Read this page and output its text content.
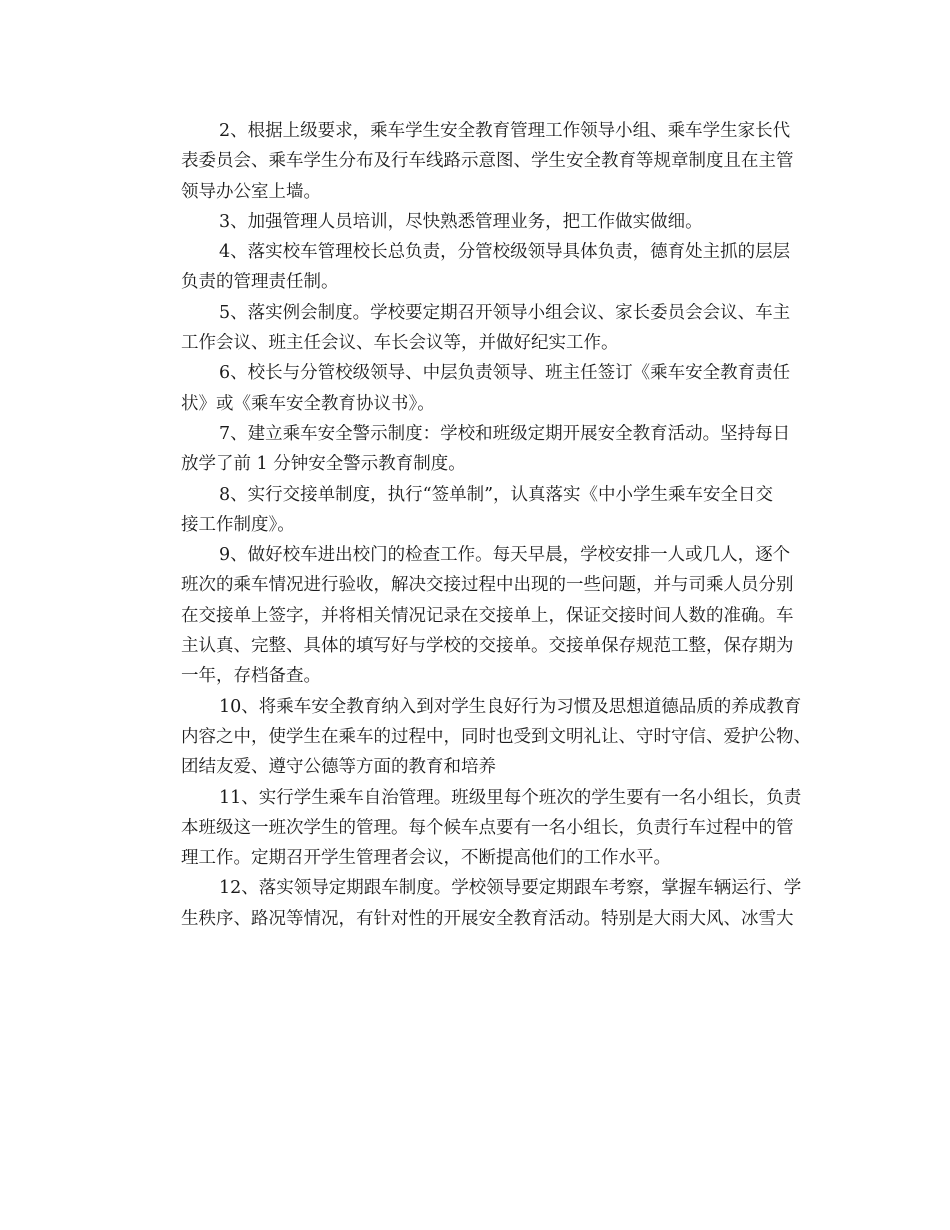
2、根据上级要求，乘车学生安全教育管理工作领导小组、乘车学生家长代
表委员会、乘车学生分布及行车线路示意图、学生安全教育等规章制度且在主管
领导办公室上墙。
3、加强管理人员培训，尽快熟悉管理业务，把工作做实做细。
4、落实校车管理校长总负责，分管校级领导具体负责，德育处主抓的层层
负责的管理责任制。
5、落实例会制度。学校要定期召开领导小组会议、家长委员会会议、车主
工作会议、班主任会议、车长会议等，并做好纪实工作。
6、校长与分管校级领导、中层负责领导、班主任签订《乘车安全教育责任
状》或《乘车安全教育协议书》。
7、建立乘车安全警示制度：学校和班级定期开展安全教育活动。坚持每日
放学了前 1 分钟安全警示教育制度。
8、实行交接单制度，执行“签单制”，认真落实《中小学生乘车安全日交
接工作制度》。
9、做好校车进出校门的检查工作。每天早晨，学校安排一人或几人，逐个
班次的乘车情况进行验收，解决交接过程中出现的一些问题，并与司乘人员分别
在交接单上签字，并将相关情况记录在交接单上，保证交接时间人数的准确。车
主认真、完整、具体的填写好与学校的交接单。交接单保存规范工整，保存期为
一年，存档备查。
10、将乘车安全教育纳入到对学生良好行为习惯及思想道德品质的养成教育
内容之中，使学生在乘车的过程中，同时也受到文明礼让、守时守信、爱护公物、
团结友爱、遵守公德等方面的教育和培养
11、实行学生乘车自治管理。班级里每个班次的学生要有一名小组长，负责
本班级这一班次学生的管理。每个候车点要有一名小组长，负责行车过程中的管
理工作。定期召开学生管理者会议，不断提高他们的工作水平。
12、落实领导定期跟车制度。学校领导要定期跟车考察，掌握车辆运行、学
生秩序、路况等情况，有针对性的开展安全教育活动。特别是大雨大风、冰雪大
